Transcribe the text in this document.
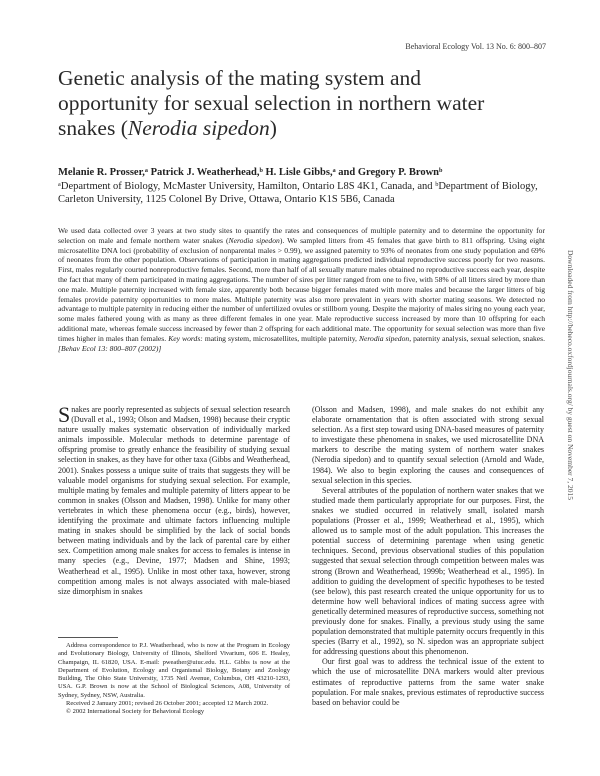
Behavioral Ecology Vol. 13 No. 6: 800–807
Genetic analysis of the mating system and opportunity for sexual selection in northern water snakes (Nerodia sipedon)
Melanie R. Prosser,ᵃ Patrick J. Weatherhead,ᵇ H. Lisle Gibbs,ᵃ and Gregory P. Brownᵇ
ᵃDepartment of Biology, McMaster University, Hamilton, Ontario L8S 4K1, Canada, and ᵇDepartment of Biology, Carleton University, 1125 Colonel By Drive, Ottawa, Ontario K1S 5B6, Canada
We used data collected over 3 years at two study sites to quantify the rates and consequences of multiple paternity and to determine the opportunity for selection on male and female northern water snakes (Nerodia sipedon). We sampled litters from 45 females that gave birth to 811 offspring. Using eight microsatellite DNA loci (probability of exclusion of nonparental males > 0.99), we assigned paternity to 93% of neonates from one study population and 69% of neonates from the other population. Observations of participation in mating aggregations predicted individual reproductive success poorly for two reasons. First, males regularly courted nonreproductive females. Second, more than half of all sexually mature males obtained no reproductive success each year, despite the fact that many of them participated in mating aggregations. The number of sires per litter ranged from one to five, with 58% of all litters sired by more than one male. Multiple paternity increased with female size, apparently both because bigger females mated with more males and because the larger litters of big females provide paternity opportunities to more males. Multiple paternity was also more prevalent in years with shorter mating seasons. We detected no advantage to multiple paternity in reducing either the number of unfertilized ovules or stillborn young. Despite the majority of males siring no young each year, some males fathered young with as many as three different females in one year. Male reproductive success increased by more than 10 offspring for each additional mate, whereas female success increased by fewer than 2 offspring for each additional mate. The opportunity for sexual selection was more than five times higher in males than females. Key words: mating system, microsatellites, multiple paternity, Nerodia sipedon, paternity analysis, sexual selection, snakes. [Behav Ecol 13: 800–807 (2002)]	Downloaded from http://beheco.oxfordjournals.org/ by guest on November 7, 2015

Snakes are poorly represented as subjects of sexual selection research (Duvall et al., 1993; Olson and Madsen, 1998) because their cryptic nature usually makes systematic observation of individually marked animals impossible. Molecular methods to determine parentage of offspring promise to greatly enhance the feasibility of studying sexual selection in snakes, as they have for other taxa (Gibbs and Weatherhead, 2001). Snakes possess a unique suite of traits that suggests they will be valuable model organisms for studying sexual selection. For example, multiple mating by females and multiple paternity of litters appear to be common in snakes (Olsson and Madsen, 1998). Unlike for many other vertebrates in which these phenomena occur (e.g., birds), however, identifying the proximate and ultimate factors influencing multiple mating in snakes should be simplified by the lack of social bonds between mating individuals and by the lack of parental care by either sex. Competition among male snakes for access to females is intense in many species (e.g., Devine, 1977; Madsen and Shine, 1993; Weatherhead et al., 1995). Unlike in most other taxa, however, strong competition among males is not always associated with male-biased size dimorphism in snakes

Address correspondence to P.J. Weatherhead, who is now at the Program in Ecology and Evolutionary Biology, University of Illinois, Shelford Vivarium, 606 E. Healey, Champaign, IL 61820, USA. E-mail: pweather@uiuc.edu. H.L. Gibbs is now at the Department of Evolution, Ecology and Organismal Biology, Botany and Zoology Building, The Ohio State University, 1735 Neil Avenue, Columbus, OH 43210-1293, USA. G.P. Brown is now at the School of Biological Sciences, A08, University of Sydney, Sydney, NSW, Australia.

Received 2 January 2001; revised 26 October 2001; accepted 12 March 2002.

© 2002 International Society for Behavioral Ecology

(Olsson and Madsen, 1998), and male snakes do not exhibit any elaborate ornamentation that is often associated with strong sexual selection. As a first step toward using DNA-based measures of paternity to investigate these phenomena in snakes, we used microsatellite DNA markers to describe the mating system of northern water snakes (Nerodia sipedon) and to quantify sexual selection (Arnold and Wade, 1984). We also to begin exploring the causes and consequences of sexual selection in this species.

Several attributes of the population of northern water snakes that we studied made them particularly appropriate for our purposes. First, the snakes we studied occurred in relatively small, isolated marsh populations (Prosser et al., 1999; Weatherhead et al., 1995), which allowed us to sample most of the adult population. This increases the potential success of determining parentage when using genetic techniques. Second, previous observational studies of this population suggested that sexual selection through competition between males was strong (Brown and Weatherhead, 1999b; Weatherhead et al., 1995). In addition to guiding the development of specific hypotheses to be tested (see below), this past research created the unique opportunity for us to determine how well behavioral indices of mating success agree with genetically determined measures of reproductive success, something not previously done for snakes. Finally, a previous study using the same population demonstrated that multiple paternity occurs frequently in this species (Barry et al., 1992), so N. sipedon was an appropriate subject for addressing questions about this phenomenon.

Our first goal was to address the technical issue of the extent to which the use of microsatellite DNA markers would alter previous estimates of reproductive patterns from the same water snake population. For male snakes, previous estimates of reproductive success based on behavior could be
